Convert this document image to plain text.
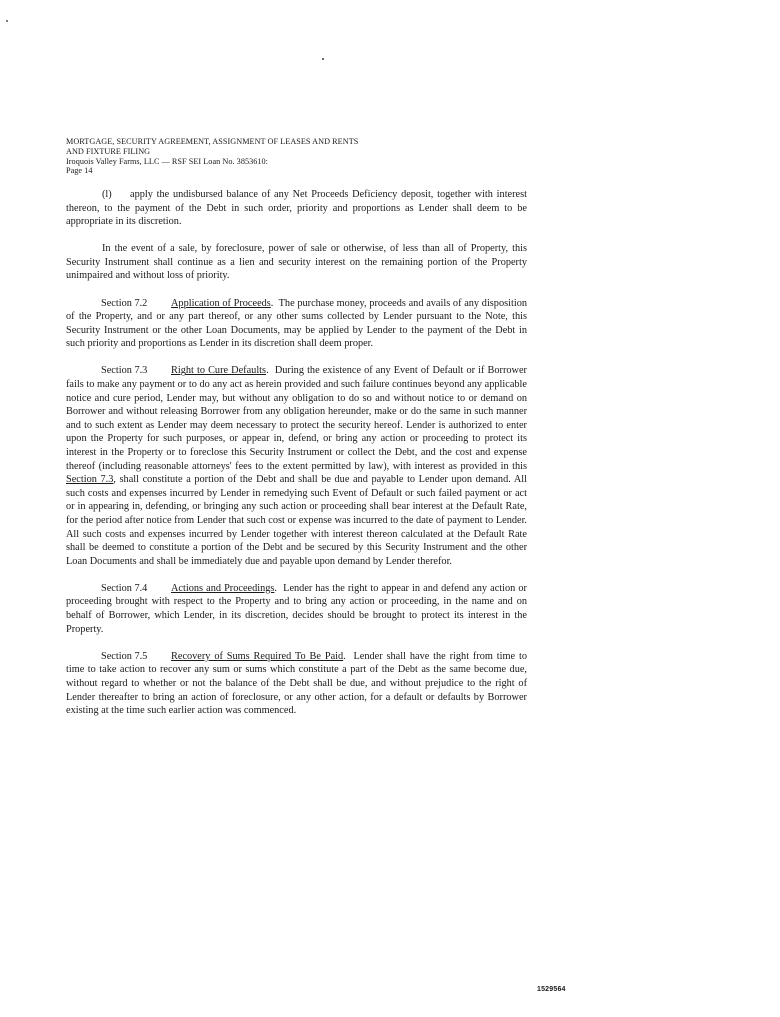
MORTGAGE, SECURITY AGREEMENT, ASSIGNMENT OF LEASES AND RENTS
AND FIXTURE FILING
Iroquois Valley Farms, LLC — RSF SEI Loan No. 3853610:
Page 14

(l) apply the undisbursed balance of any Net Proceeds Deficiency deposit, together with interest thereon, to the payment of the Debt in such order, priority and proportions as Lender shall deem to be appropriate in its discretion.

In the event of a sale, by foreclosure, power of sale or otherwise, of less than all of Property, this Security Instrument shall continue as a lien and security interest on the remaining portion of the Property unimpaired and without loss of priority.

Section 7.2 Application of Proceeds.  The purchase money, proceeds and avails of any disposition of the Property, and or any part thereof, or any other sums collected by Lender pursuant to the Note, this Security Instrument or the other Loan Documents, may be applied by Lender to the payment of the Debt in such priority and proportions as Lender in its discretion shall deem proper.

Section 7.3 Right to Cure Defaults.  During the existence of any Event of Default or if Borrower fails to make any payment or to do any act as herein provided and such failure continues beyond any applicable notice and cure period, Lender may, but without any obligation to do so and without notice to or demand on Borrower and without releasing Borrower from any obligation hereunder, make or do the same in such manner and to such extent as Lender may deem necessary to protect the security hereof. Lender is authorized to enter upon the Property for such purposes, or appear in, defend, or bring any action or proceeding to protect its interest in the Property or to foreclose this Security Instrument or collect the Debt, and the cost and expense thereof (including reasonable attorneys' fees to the extent permitted by law), with interest as provided in this Section 7.3, shall constitute a portion of the Debt and shall be due and payable to Lender upon demand. All such costs and expenses incurred by Lender in remedying such Event of Default or such failed payment or act or in appearing in, defending, or bringing any such action or proceeding shall bear interest at the Default Rate, for the period after notice from Lender that such cost or expense was incurred to the date of payment to Lender. All such costs and expenses incurred by Lender together with interest thereon calculated at the Default Rate shall be deemed to constitute a portion of the Debt and be secured by this Security Instrument and the other Loan Documents and shall be immediately due and payable upon demand by Lender therefor.

Section 7.4 Actions and Proceedings.  Lender has the right to appear in and defend any action or proceeding brought with respect to the Property and to bring any action or proceeding, in the name and on behalf of Borrower, which Lender, in its discretion, decides should be brought to protect its interest in the Property.

Section 7.5 Recovery of Sums Required To Be Paid.  Lender shall have the right from time to time to take action to recover any sum or sums which constitute a part of the Debt as the same become due, without regard to whether or not the balance of the Debt shall be due, and without prejudice to the right of Lender thereafter to bring an action of foreclosure, or any other action, for a default or defaults by Borrower existing at the time such earlier action was commenced.

1529564
